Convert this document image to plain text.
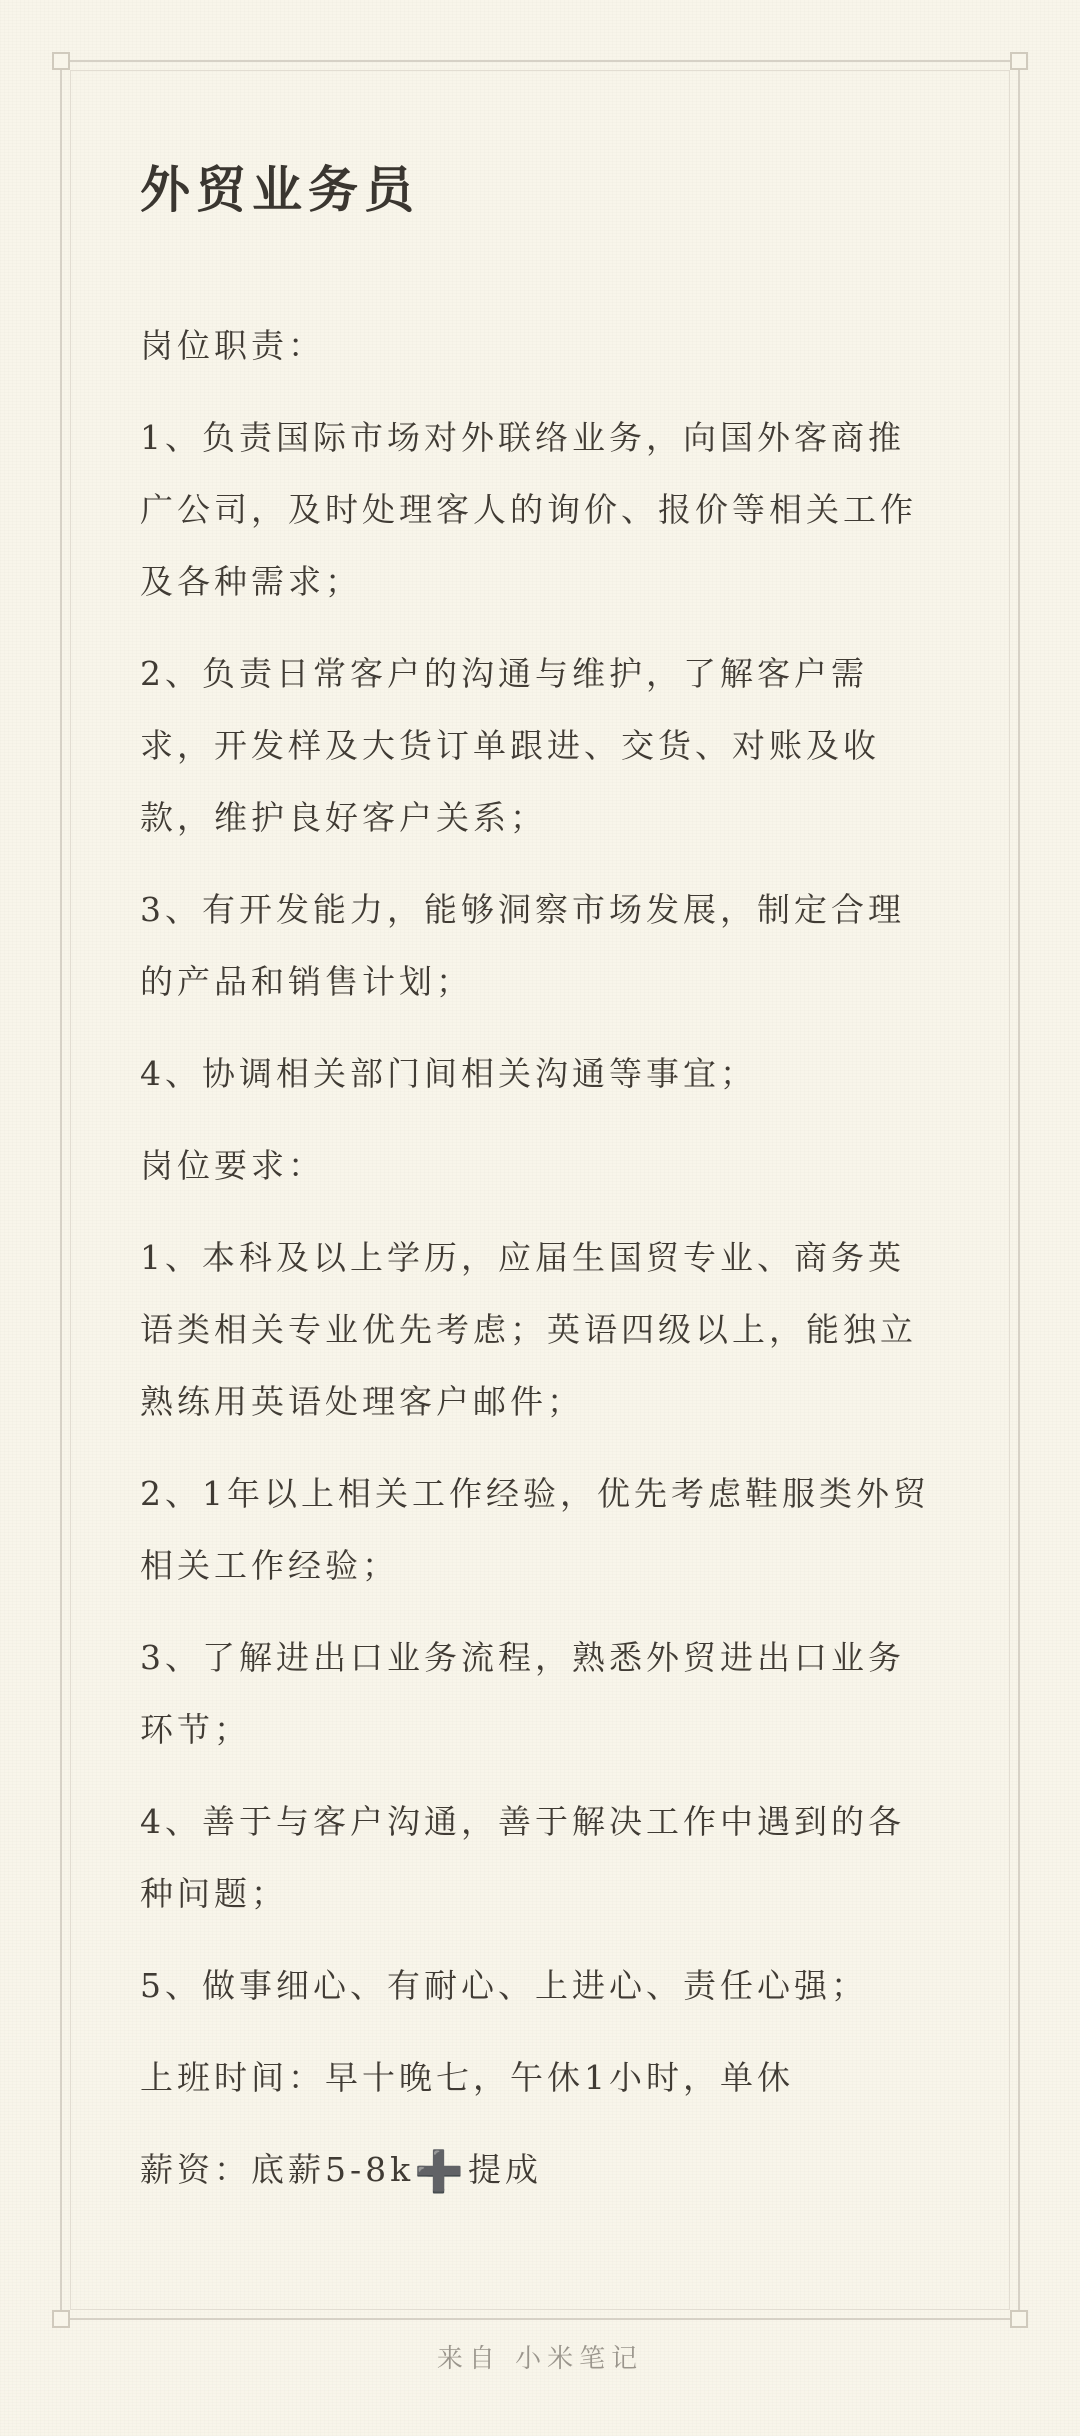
外贸业务员

岗位职责：

1、负责国际市场对外联络业务，向国外客商推广公司，及时处理客人的询价、报价等相关工作及各种需求；

2、负责日常客户的沟通与维护，了解客户需求，开发样及大货订单跟进、交货、对账及收款，维护良好客户关系；

3、有开发能力，能够洞察市场发展，制定合理的产品和销售计划；

4、协调相关部门间相关沟通等事宜；

岗位要求：

1、本科及以上学历，应届生国贸专业、商务英语类相关专业优先考虑；英语四级以上，能独立熟练用英语处理客户邮件；

2、1年以上相关工作经验，优先考虑鞋服类外贸相关工作经验；

3、了解进出口业务流程，熟悉外贸进出口业务环节；

4、善于与客户沟通，善于解决工作中遇到的各种问题；

5、做事细心、有耐心、上进心、责任心强；

上班时间：早十晚七，午休1小时，单休

薪资：底薪5-8k➕提成

来自 小米笔记
